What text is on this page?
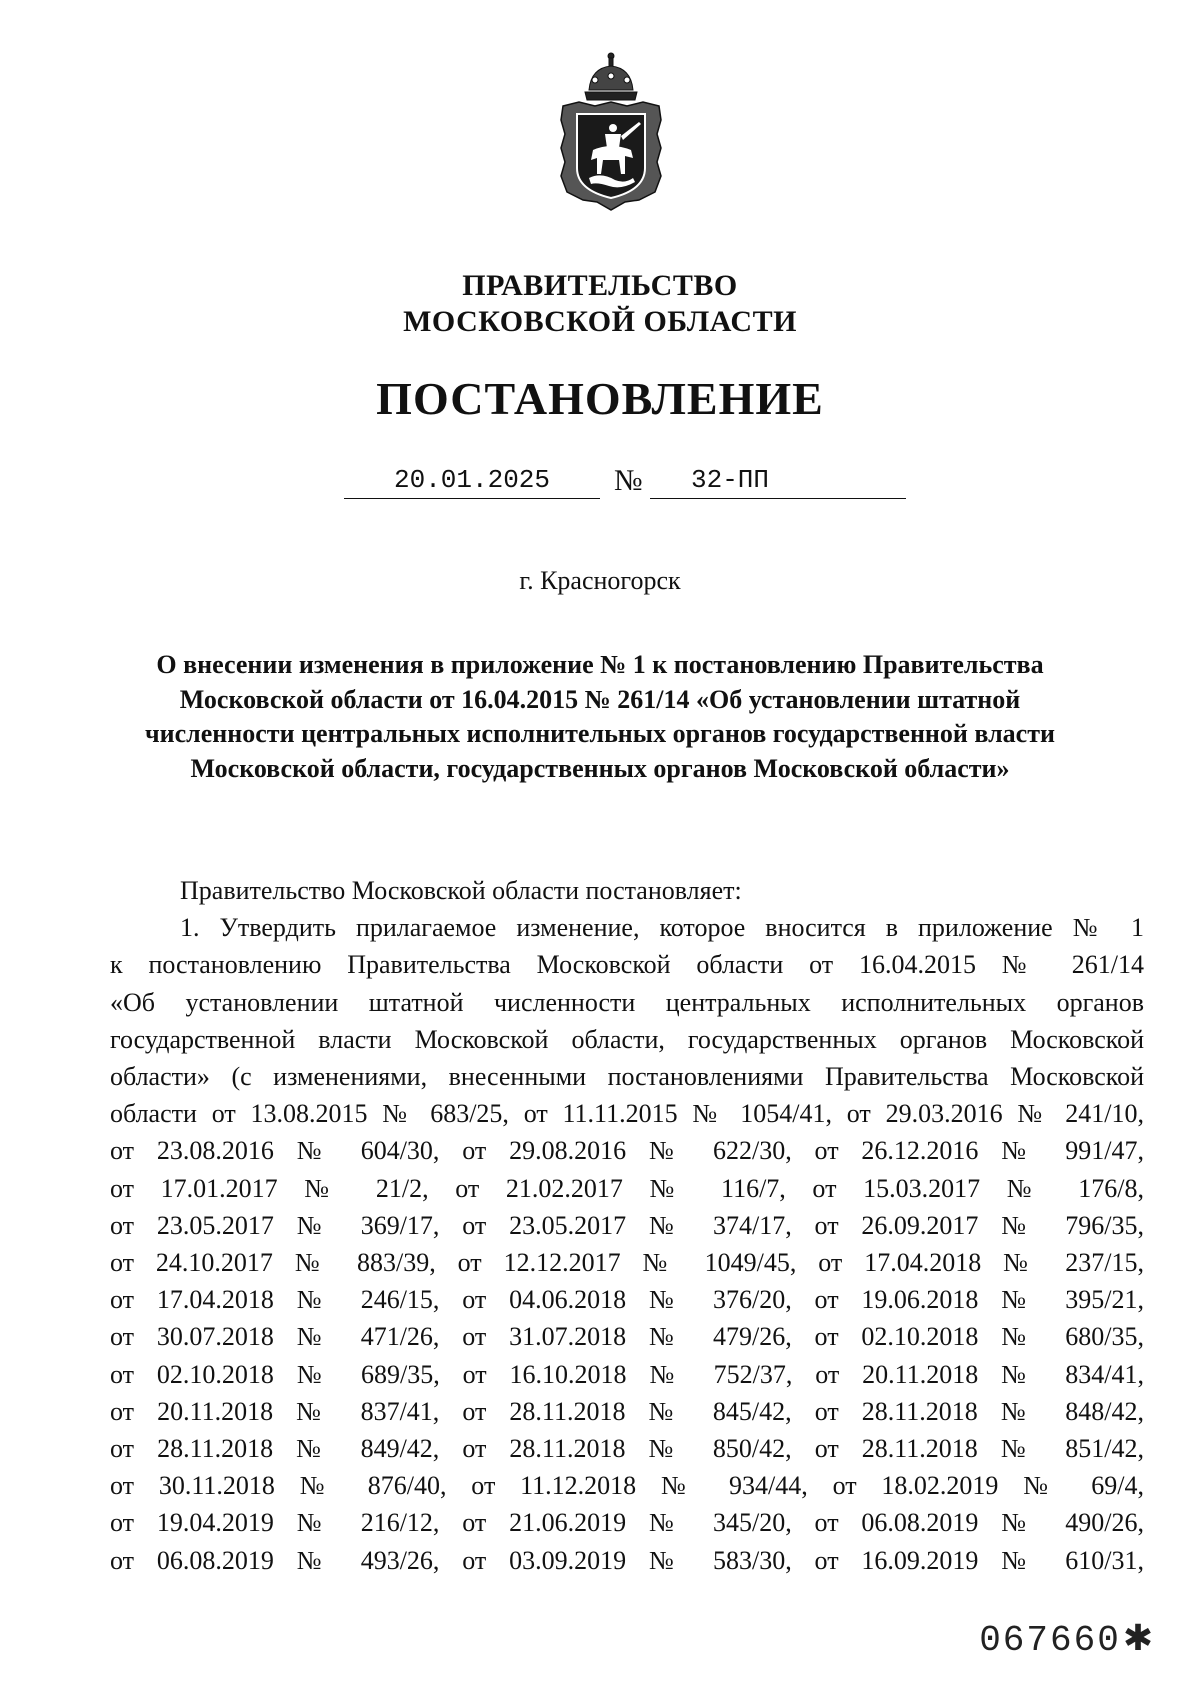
ПРАВИТЕЛЬСТВО
МОСКОВСКОЙ ОБЛАСТИ
ПОСТАНОВЛЕНИЕ
20.01.2025	№	32-ПП
г. Красногорск
О внесении изменения в приложение № 1 к постановлению Правительства
Московской области от 16.04.2015 № 261/14 «Об установлении штатной
численности центральных исполнительных органов государственной власти
Московской области, государственных органов Московской области»
Правительство Московской области постановляет:
1. Утвердить прилагаемое изменение, которое вносится в приложение № 1
к постановлению Правительства Московской области от 16.04.2015 № 261/14
«Об установлении штатной численности центральных исполнительных органов
государственной власти Московской области, государственных органов Московской
области» (с изменениями, внесенными постановлениями Правительства Московской
области от 13.08.2015 № 683/25, от 11.11.2015 № 1054/41, от 29.03.2016 № 241/10,
от 23.08.2016 № 604/30, от 29.08.2016 № 622/30, от 26.12.2016 № 991/47,
от 17.01.2017 № 21/2, от 21.02.2017 № 116/7, от 15.03.2017 № 176/8,
от 23.05.2017 № 369/17, от 23.05.2017 № 374/17, от 26.09.2017 № 796/35,
от 24.10.2017 № 883/39, от 12.12.2017 № 1049/45, от 17.04.2018 № 237/15,
от 17.04.2018 № 246/15, от 04.06.2018 № 376/20, от 19.06.2018 № 395/21,
от 30.07.2018 № 471/26, от 31.07.2018 № 479/26, от 02.10.2018 № 680/35,
от 02.10.2018 № 689/35, от 16.10.2018 № 752/37, от 20.11.2018 № 834/41,
от 20.11.2018 № 837/41, от 28.11.2018 № 845/42, от 28.11.2018 № 848/42,
от 28.11.2018 № 849/42, от 28.11.2018 № 850/42, от 28.11.2018 № 851/42,
от 30.11.2018 № 876/40, от 11.12.2018 № 934/44, от 18.02.2019 № 69/4,
от 19.04.2019 № 216/12, от 21.06.2019 № 345/20, от 06.08.2019 № 490/26,
от 06.08.2019 № 493/26, от 03.09.2019 № 583/30, от 16.09.2019 № 610/31,
067660✱
